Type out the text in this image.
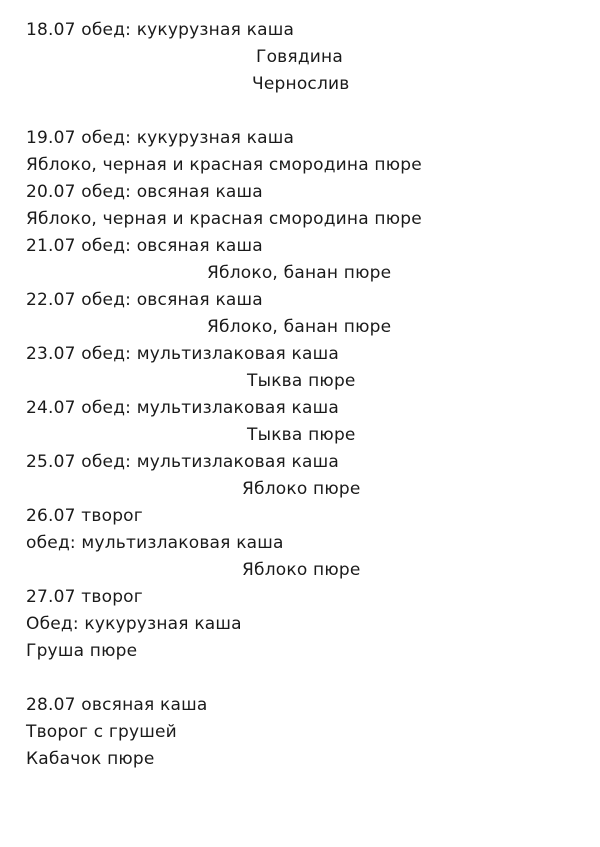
18.07 обед: кукурузная каша
Говядина
Чернослив
19.07 обед: кукурузная каша
Яблоко, черная и красная смородина пюре
20.07 обед: овсяная каша
Яблоко, черная и красная смородина пюре
21.07 обед: овсяная каша
Яблоко, банан пюре
22.07 обед: овсяная каша
Яблоко, банан пюре
23.07 обед: мультизлаковая каша
Тыква пюре
24.07 обед: мультизлаковая каша
Тыква пюре
25.07 обед: мультизлаковая каша
Яблоко пюре
26.07 творог
обед: мультизлаковая каша
Яблоко пюре
27.07 творог
Обед: кукурузная каша
Груша пюре
28.07 овсяная каша
Творог с грушей
Кабачок пюре
